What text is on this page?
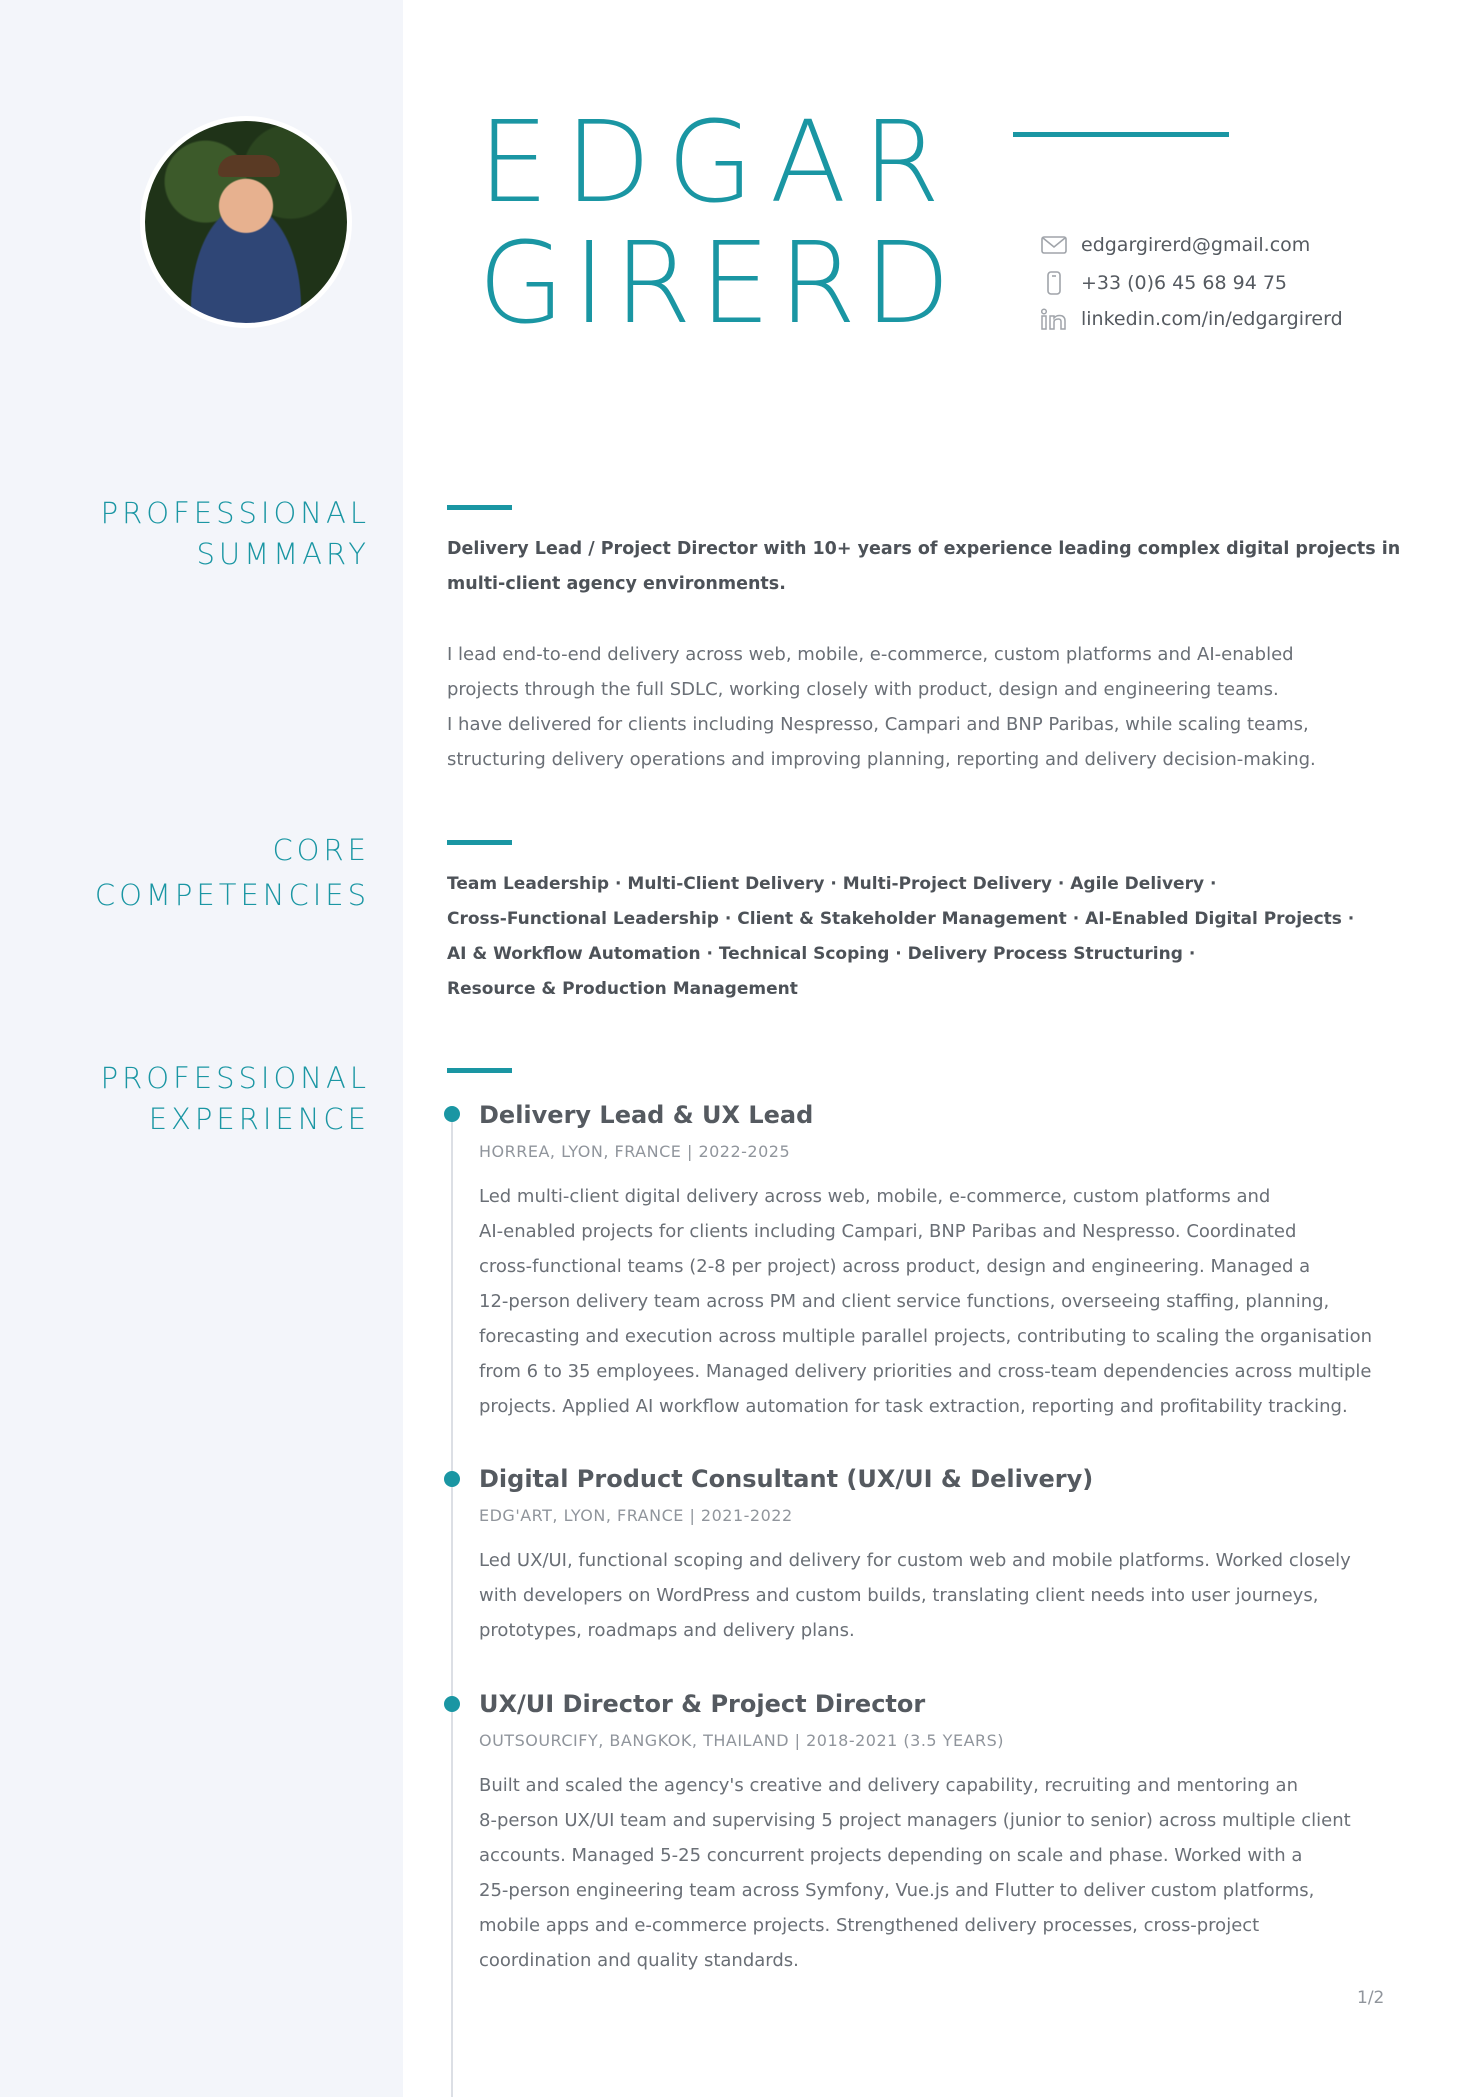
EDGAR
GIRERD	edgargirerd@gmail.com
+33 (0)6 45 68 94 75
linkedin.com/in/edgargirerd
PROFESSIONAL
SUMMARY	Delivery Lead / Project Director with 10+ years of experience leading complex digital projects in
multi-client agency environments.
I lead end-to-end delivery across web, mobile, e-commerce, custom platforms and AI-enabled
projects through the full SDLC, working closely with product, design and engineering teams.
I have delivered for clients including Nespresso, Campari and BNP Paribas, while scaling teams,
structuring delivery operations and improving planning, reporting and delivery decision-making.
CORE
COMPETENCIES	Team Leadership · Multi-Client Delivery · Multi-Project Delivery · Agile Delivery ·
Cross-Functional Leadership · Client & Stakeholder Management · AI-Enabled Digital Projects ·
AI & Workflow Automation · Technical Scoping · Delivery Process Structuring ·
Resource & Production Management
PROFESSIONAL
EXPERIENCE	Delivery Lead & UX Lead
HORREA, LYON, FRANCE | 2022-2025
Led multi-client digital delivery across web, mobile, e-commerce, custom platforms and
AI-enabled projects for clients including Campari, BNP Paribas and Nespresso. Coordinated
cross-functional teams (2-8 per project) across product, design and engineering. Managed a
12-person delivery team across PM and client service functions, overseeing staffing, planning,
forecasting and execution across multiple parallel projects, contributing to scaling the organisation
from 6 to 35 employees. Managed delivery priorities and cross-team dependencies across multiple
projects. Applied AI workflow automation for task extraction, reporting and profitability tracking.
Digital Product Consultant (UX/UI & Delivery)
EDG'ART, LYON, FRANCE | 2021-2022
Led UX/UI, functional scoping and delivery for custom web and mobile platforms. Worked closely
with developers on WordPress and custom builds, translating client needs into user journeys,
prototypes, roadmaps and delivery plans.
UX/UI Director & Project Director
OUTSOURCIFY, BANGKOK, THAILAND | 2018-2021 (3.5 YEARS)
Built and scaled the agency's creative and delivery capability, recruiting and mentoring an
8-person UX/UI team and supervising 5 project managers (junior to senior) across multiple client
accounts. Managed 5-25 concurrent projects depending on scale and phase. Worked with a
25-person engineering team across Symfony, Vue.js and Flutter to deliver custom platforms,
mobile apps and e-commerce projects. Strengthened delivery processes, cross-project
coordination and quality standards.
1/2
